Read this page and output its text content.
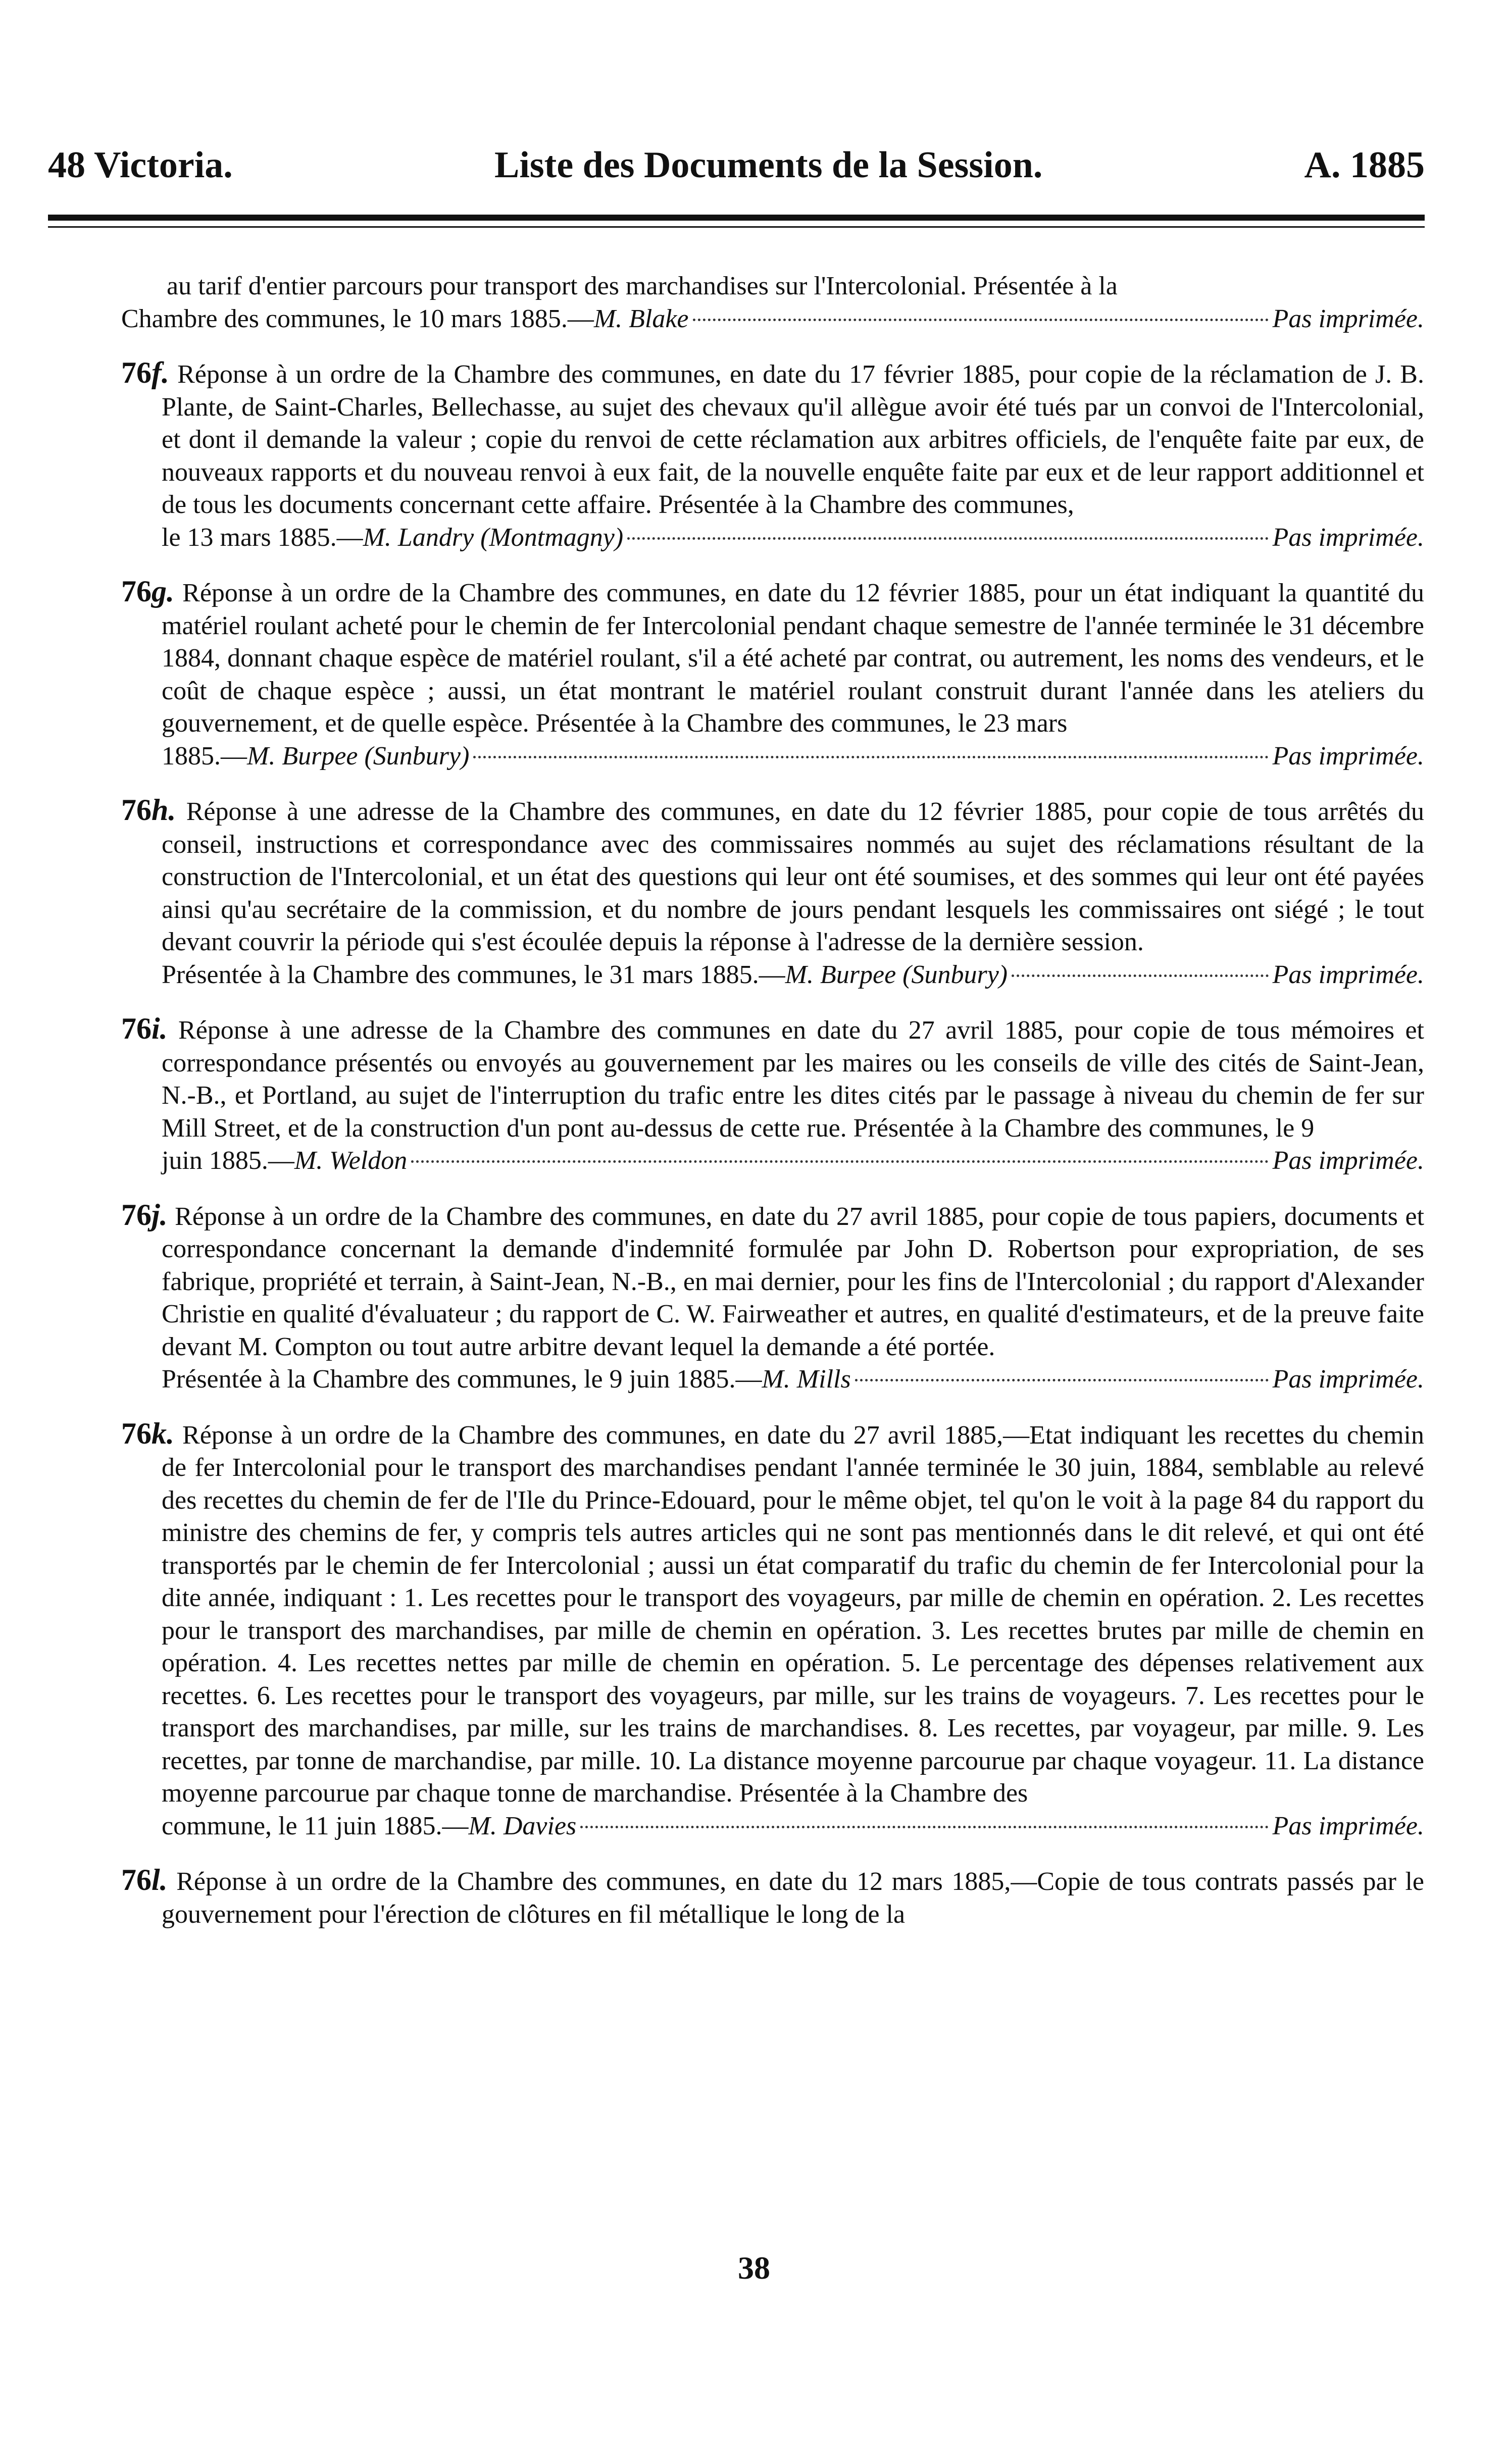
48 Victoria.	Liste des Documents de la Session.	A. 1885
au tarif d'entier parcours pour transport des marchandises sur l'Intercolonial. Présentée à la
Chambre des communes, le 10 mars 1885.— M. Blake	Pas imprimée.
76f. Réponse à un ordre de la Chambre des communes, en date du 17 février 1885, pour copie de la réclamation de J. B. Plante, de Saint-Charles, Bellechasse, au sujet des chevaux qu'il allègue avoir été tués par un convoi de l'Intercolonial, et dont il demande la valeur ; copie du renvoi de cette réclamation aux arbitres officiels, de l'enquête faite par eux, de nouveaux rapports et du nouveau renvoi à eux fait, de la nouvelle enquête faite par eux et de leur rapport additionnel et de tous les documents concernant cette affaire. Présentée à la Chambre des communes,
le 13 mars 1885.— M. Landry (Montmagny)	Pas imprimée.
76g. Réponse à un ordre de la Chambre des communes, en date du 12 février 1885, pour un état indiquant la quantité du matériel roulant acheté pour le chemin de fer Intercolonial pendant chaque semestre de l'année terminée le 31 décembre 1884, donnant chaque espèce de matériel roulant, s'il a été acheté par contrat, ou autrement, les noms des vendeurs, et le coût de chaque espèce ; aussi, un état montrant le matériel roulant construit durant l'année dans les ateliers du gouvernement, et de quelle espèce. Présentée à la Chambre des communes, le 23 mars
1885.— M. Burpee (Sunbury)	Pas imprimée.
76h. Réponse à une adresse de la Chambre des communes, en date du 12 février 1885, pour copie de tous arrêtés du conseil, instructions et correspondance avec des commissaires nommés au sujet des réclamations résultant de la construction de l'Intercolonial, et un état des questions qui leur ont été soumises, et des sommes qui leur ont été payées ainsi qu'au secrétaire de la commission, et du nombre de jours pendant lesquels les commissaires ont siégé ; le tout devant couvrir la période qui s'est écoulée depuis la réponse à l'adresse de la dernière session.
Présentée à la Chambre des communes, le 31 mars 1885.— M. Burpee (Sunbury)	Pas imprimée.
76i. Réponse à une adresse de la Chambre des communes en date du 27 avril 1885, pour copie de tous mémoires et correspondance présentés ou envoyés au gouvernement par les maires ou les conseils de ville des cités de Saint-Jean, N.-B., et Portland, au sujet de l'interruption du trafic entre les dites cités par le passage à niveau du chemin de fer sur Mill Street, et de la construction d'un pont au-dessus de cette rue. Présentée à la Chambre des communes, le 9
juin 1885.— M. Weldon	Pas imprimée.
76j. Réponse à un ordre de la Chambre des communes, en date du 27 avril 1885, pour copie de tous papiers, documents et correspondance concernant la demande d'indemnité formulée par John D. Robertson pour expropriation, de ses fabrique, propriété et terrain, à Saint-Jean, N.-B., en mai dernier, pour les fins de l'Intercolonial ; du rapport d'Alexander Christie en qualité d'évaluateur ; du rapport de C. W. Fairweather et autres, en qualité d'estimateurs, et de la preuve faite devant M. Compton ou tout autre arbitre devant lequel la demande a été portée.
Présentée à la Chambre des communes, le 9 juin 1885.— M. Mills	Pas imprimée.
76k. Réponse à un ordre de la Chambre des communes, en date du 27 avril 1885,—Etat indiquant les recettes du chemin de fer Intercolonial pour le transport des marchandises pendant l'année terminée le 30 juin, 1884, semblable au relevé des recettes du chemin de fer de l'Ile du Prince-Edouard, pour le même objet, tel qu'on le voit à la page 84 du rapport du ministre des chemins de fer, y compris tels autres articles qui ne sont pas mentionnés dans le dit relevé, et qui ont été transportés par le chemin de fer Intercolonial ; aussi un état comparatif du trafic du chemin de fer Intercolonial pour la dite année, indiquant : 1. Les recettes pour le transport des voyageurs, par mille de chemin en opération. 2. Les recettes pour le transport des marchandises, par mille de chemin en opération. 3. Les recettes brutes par mille de chemin en opération. 4. Les recettes nettes par mille de chemin en opération. 5. Le percentage des dépenses relativement aux recettes. 6. Les recettes pour le transport des voyageurs, par mille, sur les trains de voyageurs. 7. Les recettes pour le transport des marchandises, par mille, sur les trains de marchandises. 8. Les recettes, par voyageur, par mille. 9. Les recettes, par tonne de marchandise, par mille. 10. La distance moyenne parcourue par chaque voyageur. 11. La distance moyenne parcourue par chaque tonne de marchandise. Présentée à la Chambre des
commune, le 11 juin 1885.— M. Davies	Pas imprimée.
76l. Réponse à un ordre de la Chambre des communes, en date du 12 mars 1885,—Copie de tous contrats passés par le gouvernement pour l'érection de clôtures en fil métallique le long de la
38
